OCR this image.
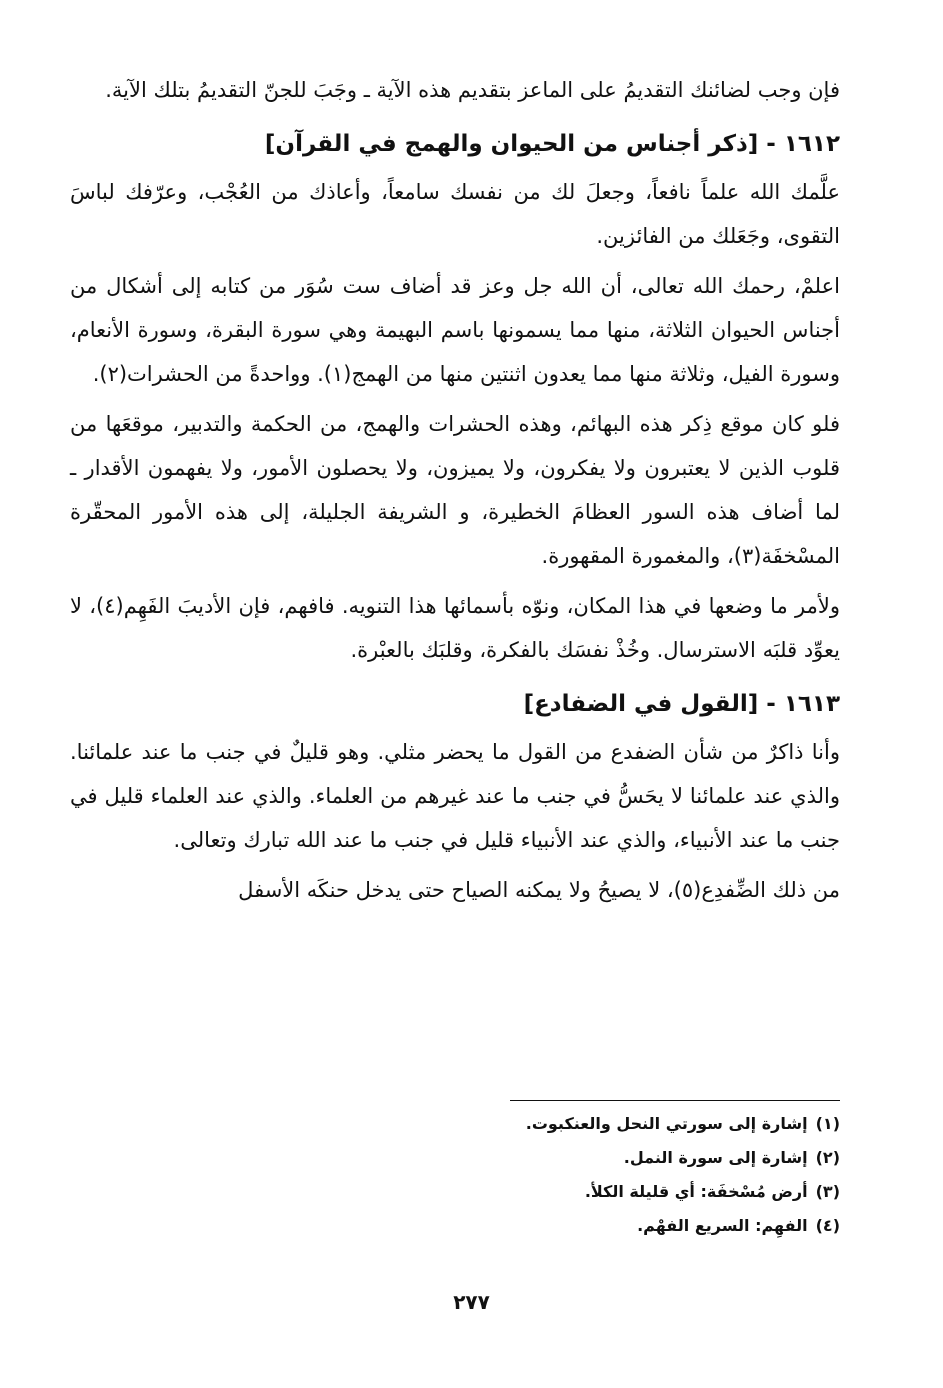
فإن وجب لضائنك التقديمُ على الماعز بتقديم هذه الآية ـ وجَبَ للجنّ التقديمُ بتلك الآية.

١٦١٢ -[ذكر أجناس من الحيوان والهمج في القرآن]

علَّمك الله علماً نافعاً، وجعلَ لك من نفسك سامعاً، وأعاذك من العُجْب، وعرّفك لباسَ التقوى، وجَعَلك من الفائزين.

اعلمْ، رحمك الله تعالى، أن الله جل وعز قد أضاف ست سُوَر من كتابه إلى أشكال من أجناس الحيوان الثلاثة، منها مما يسمونها باسم البهيمة وهي سورة البقرة، وسورة الأنعام، وسورة الفيل، وثلاثة منها مما يعدون اثنتين منها من الهمج(١). وواحدةً من الحشرات(٢).

فلو كان موقع ذِكر هذه البهائم، وهذه الحشرات والهمج، من الحكمة والتدبير، موقعَها من قلوب الذين لا يعتبرون ولا يفكرون، ولا يميزون، ولا يحصلون الأمور، ولا يفهمون الأقدار ـ لما أضاف هذه السور العظامَ الخطيرة، و الشريفة الجليلة، إلى هذه الأمور المحقّرة المسْخفَة(٣)، والمغمورة المقهورة.

ولأمر ما وضعها في هذا المكان، ونوّه بأسمائها هذا التنويه. فافهم، فإن الأديبَ الفَهِم(٤)، لا يعوِّد قلبَه الاسترسال. وخُذْ نفسَك بالفكرة، وقلبَك بالعبْرة.

١٦١٣ -[القول في الضفادع]

وأنا ذاكرٌ من شأن الضفدع من القول ما يحضر مثلي. وهو قليلٌ في جنب ما عند علمائنا. والذي عند علمائنا لا يحَسُّ في جنب ما عند غيرهم من العلماء. والذي عند العلماء قليل في جنب ما عند الأنبياء، والذي عند الأنبياء قليل في جنب ما عند الله تبارك وتعالى.

من ذلك الضِّفدِع(٥)، لا يصيحُ ولا يمكنه الصياح حتى يدخل حنكَه الأسفل

(١)إشارة إلى سورتي النحل والعنكبوت.
(٢)إشارة إلى سورة النمل.
(٣)أرض مُسْخفَة: أي قليلة الكلأ.
(٤)الفهِم: السريع الفهْم.
٢٧٧
